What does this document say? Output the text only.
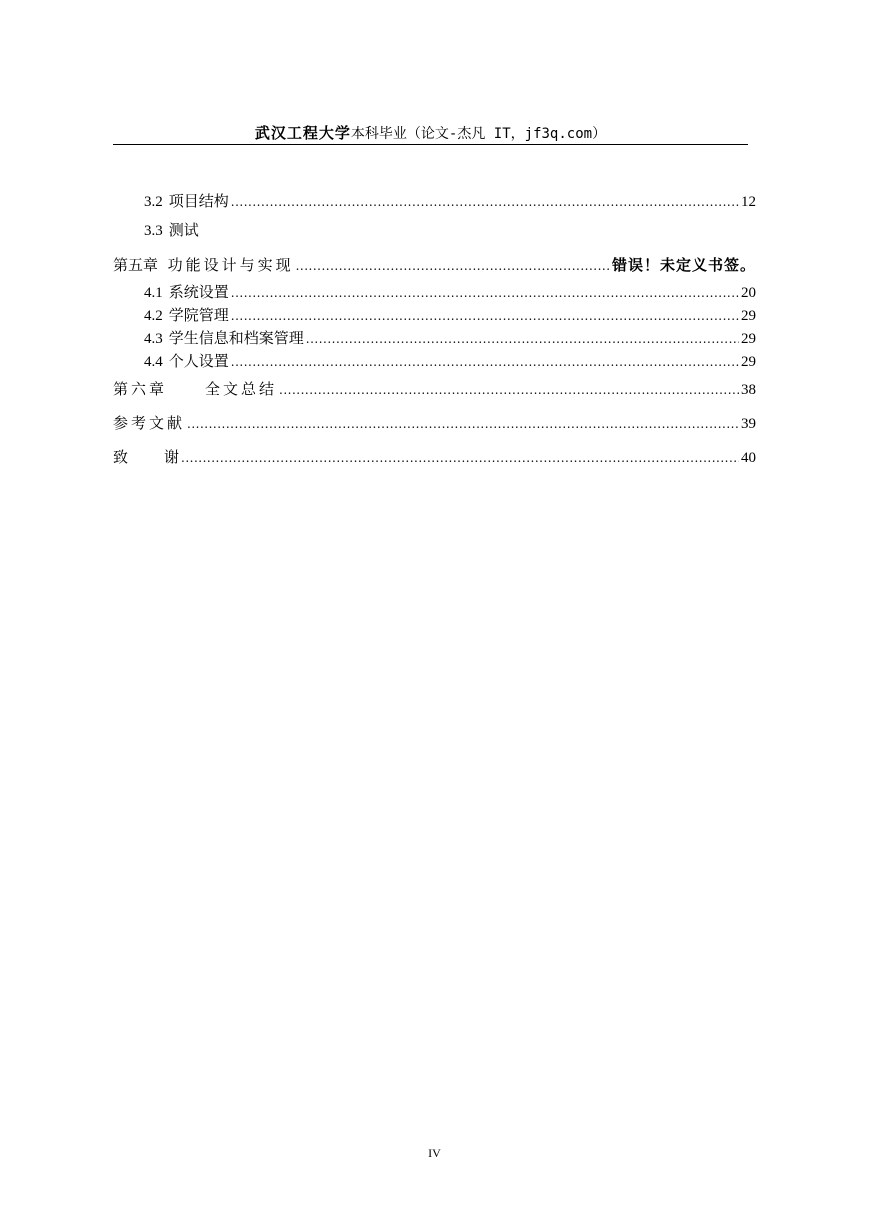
武汉工程大学本科毕业（论文-杰凡 IT，jf3q.com）
3.2 项目结构 .....	12
3.3 测试
第五章 功能设计与实现 .....	错误！未定义书签。
4.1 系统设置 .....	20
4.2 学院管理 .....	29
4.3 学生信息和档案管理 .....	29
4.4 个人设置 .....	29
第六章	全文总结 .....	38
参考文献 .....	39
致 谢 .....	40
IV
